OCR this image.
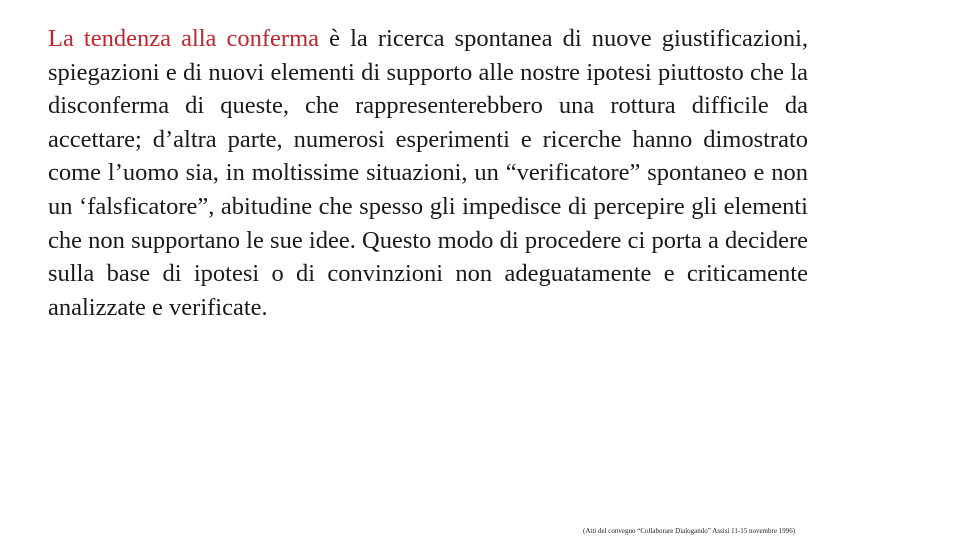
La tendenza alla conferma è la ricerca spontanea di nuove giustificazioni, spiegazioni e di nuovi elementi di supporto alle nostre ipotesi piuttosto che la disconferma di queste, che rappresenterebbero una rottura difficile da accettare; d’altra parte, numerosi esperimenti e ricerche hanno dimostrato come l’uomo sia, in moltissime situazioni, un “verificatore” spontaneo e non un ‘falsficatore”, abitudine che spesso gli impedisce di percepire gli elementi che non supportano le sue idee. Questo modo di procedere ci porta a decidere sulla base di ipotesi o di convinzioni non adeguatamente e criticamente analizzate e verificate.

(Atti del convegno “Collaborare Dialogando” Assisi 11-15 novembre 1996)
